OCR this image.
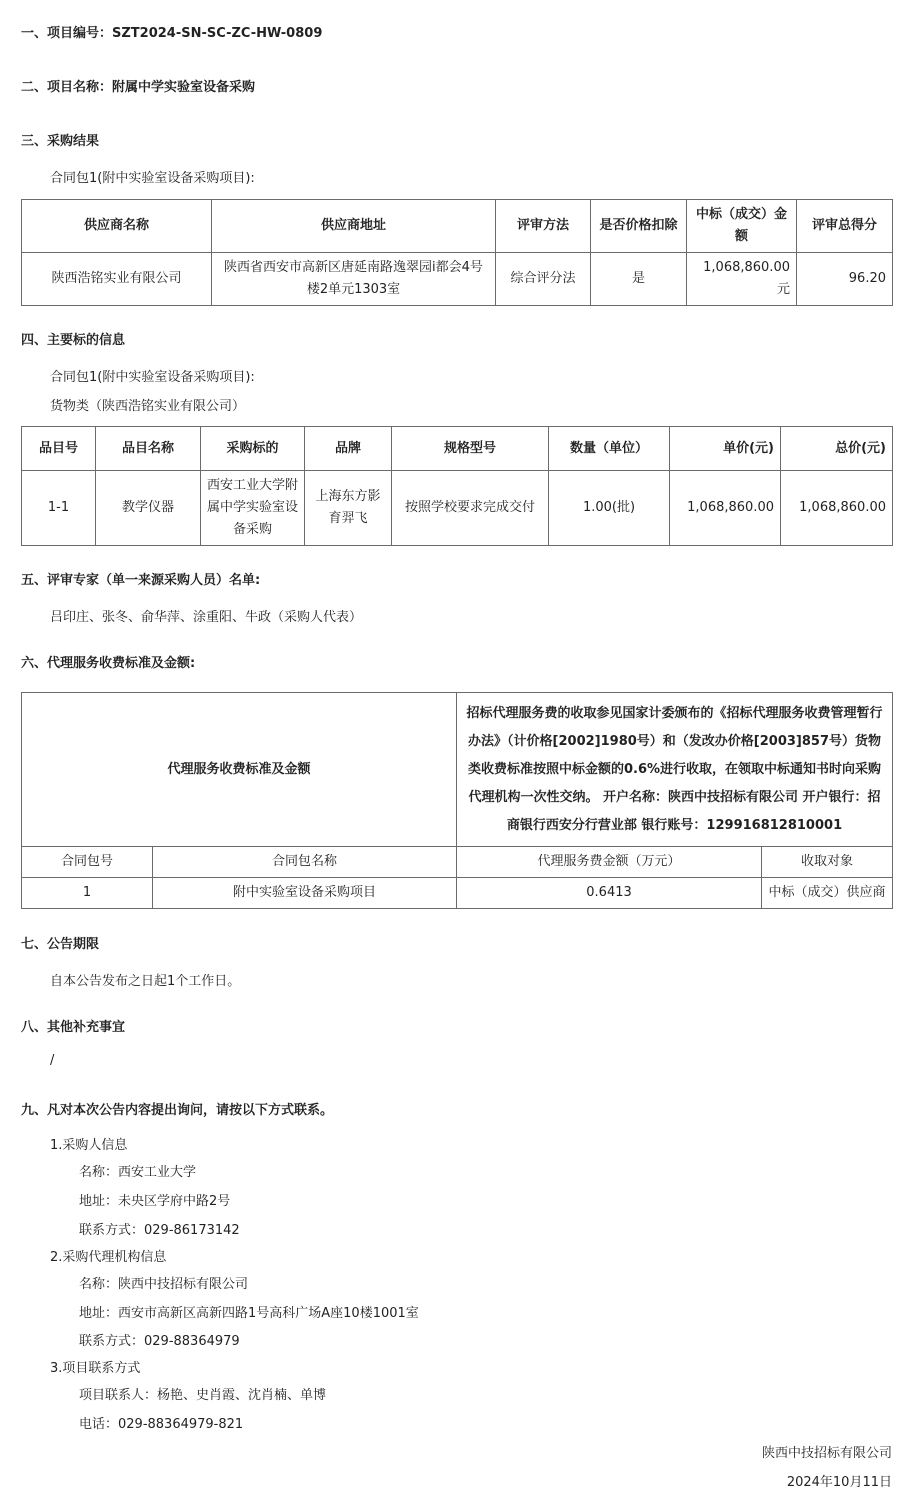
一、项目编号：SZT2024-SN-SC-ZC-HW-0809
二、项目名称：附属中学实验室设备采购
三、采购结果
合同包1(附中实验室设备采购项目):
供应商名称	供应商地址	评审方法	是否价格扣除	中标（成交）金额	评审总得分
陕西浩铭实业有限公司	陕西省西安市高新区唐延南路逸翠园i都会4号楼2单元1303室	综合评分法	是	1,068,860.00元	96.20
四、主要标的信息
合同包1(附中实验室设备采购项目):
货物类（陕西浩铭实业有限公司）
品目号	品目名称	采购标的	品牌	规格型号	数量（单位）	单价(元)	总价(元)
1-1	教学仪器	西安工业大学附属中学实验室设备采购	上海东方影育羿飞	按照学校要求完成交付	1.00(批)	1,068,860.00	1,068,860.00
五、评审专家（单一来源采购人员）名单:
吕印庄、张冬、俞华萍、涂重阳、牛政（采购人代表）
六、代理服务收费标准及金额:
代理服务收费标准及金额		招标代理服务费的收取参见国家计委颁布的《招标代理服务收费管理暂行办法》（计价格[2002]1980号）和（发改办价格[2003]857号）货物类收费标准按照中标金额的0.6%进行收取，在领取中标通知书时向采购代理机构一次性交纳。 开户名称：陕西中技招标有限公司 开户银行：招商银行西安分行营业部 银行账号：129916812810001	
合同包号	合同包名称	代理服务费金额（万元）	收取对象
1	附中实验室设备采购项目	0.6413	中标（成交）供应商
七、公告期限
自本公告发布之日起1个工作日。
八、其他补充事宜
/
九、凡对本次公告内容提出询问，请按以下方式联系。
1.采购人信息
名称：西安工业大学
地址：未央区学府中路2号
联系方式：029-86173142
2.采购代理机构信息
名称：陕西中技招标有限公司
地址：西安市高新区高新四路1号高科广场A座10楼1001室
联系方式：029-88364979
3.项目联系方式
项目联系人：杨艳、史肖霞、沈肖楠、单博
电话：029-88364979-821
陕西中技招标有限公司
2024年10月11日
